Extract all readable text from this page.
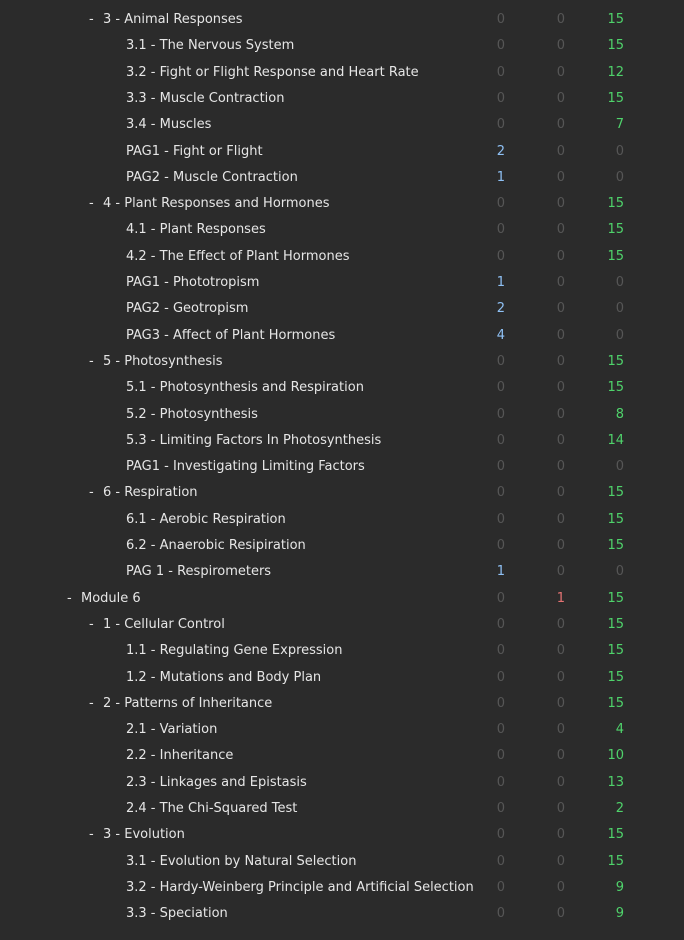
- 3 - Animal Responses	0	0	15
3.1 - The Nervous System	0	0	15
3.2 - Fight or Flight Response and Heart Rate	0	0	12
3.3 - Muscle Contraction	0	0	15
3.4 - Muscles	0	0	7
PAG1 - Fight or Flight	2	0	0
PAG2 - Muscle Contraction	1	0	0
- 4 - Plant Responses and Hormones	0	0	15
4.1 - Plant Responses	0	0	15
4.2 - The Effect of Plant Hormones	0	0	15
PAG1 - Phototropism	1	0	0
PAG2 - Geotropism	2	0	0
PAG3 - Affect of Plant Hormones	4	0	0
- 5 - Photosynthesis	0	0	15
5.1 - Photosynthesis and Respiration	0	0	15
5.2 - Photosynthesis	0	0	8
5.3 - Limiting Factors In Photosynthesis	0	0	14
PAG1 - Investigating Limiting Factors	0	0	0
- 6 - Respiration	0	0	15
6.1 - Aerobic Respiration	0	0	15
6.2 - Anaerobic Resipiration	0	0	15
PAG 1 - Respirometers	1	0	0
- Module 6	0	1	15
- 1 - Cellular Control	0	0	15
1.1 - Regulating Gene Expression	0	0	15
1.2 - Mutations and Body Plan	0	0	15
- 2 - Patterns of Inheritance	0	0	15
2.1 - Variation	0	0	4
2.2 - Inheritance	0	0	10
2.3 - Linkages and Epistasis	0	0	13
2.4 - The Chi-Squared Test	0	0	2
- 3 - Evolution	0	0	15
3.1 - Evolution by Natural Selection	0	0	15
3.2 - Hardy-Weinberg Principle and Artificial Selection	0	0	9
3.3 - Speciation	0	0	9
